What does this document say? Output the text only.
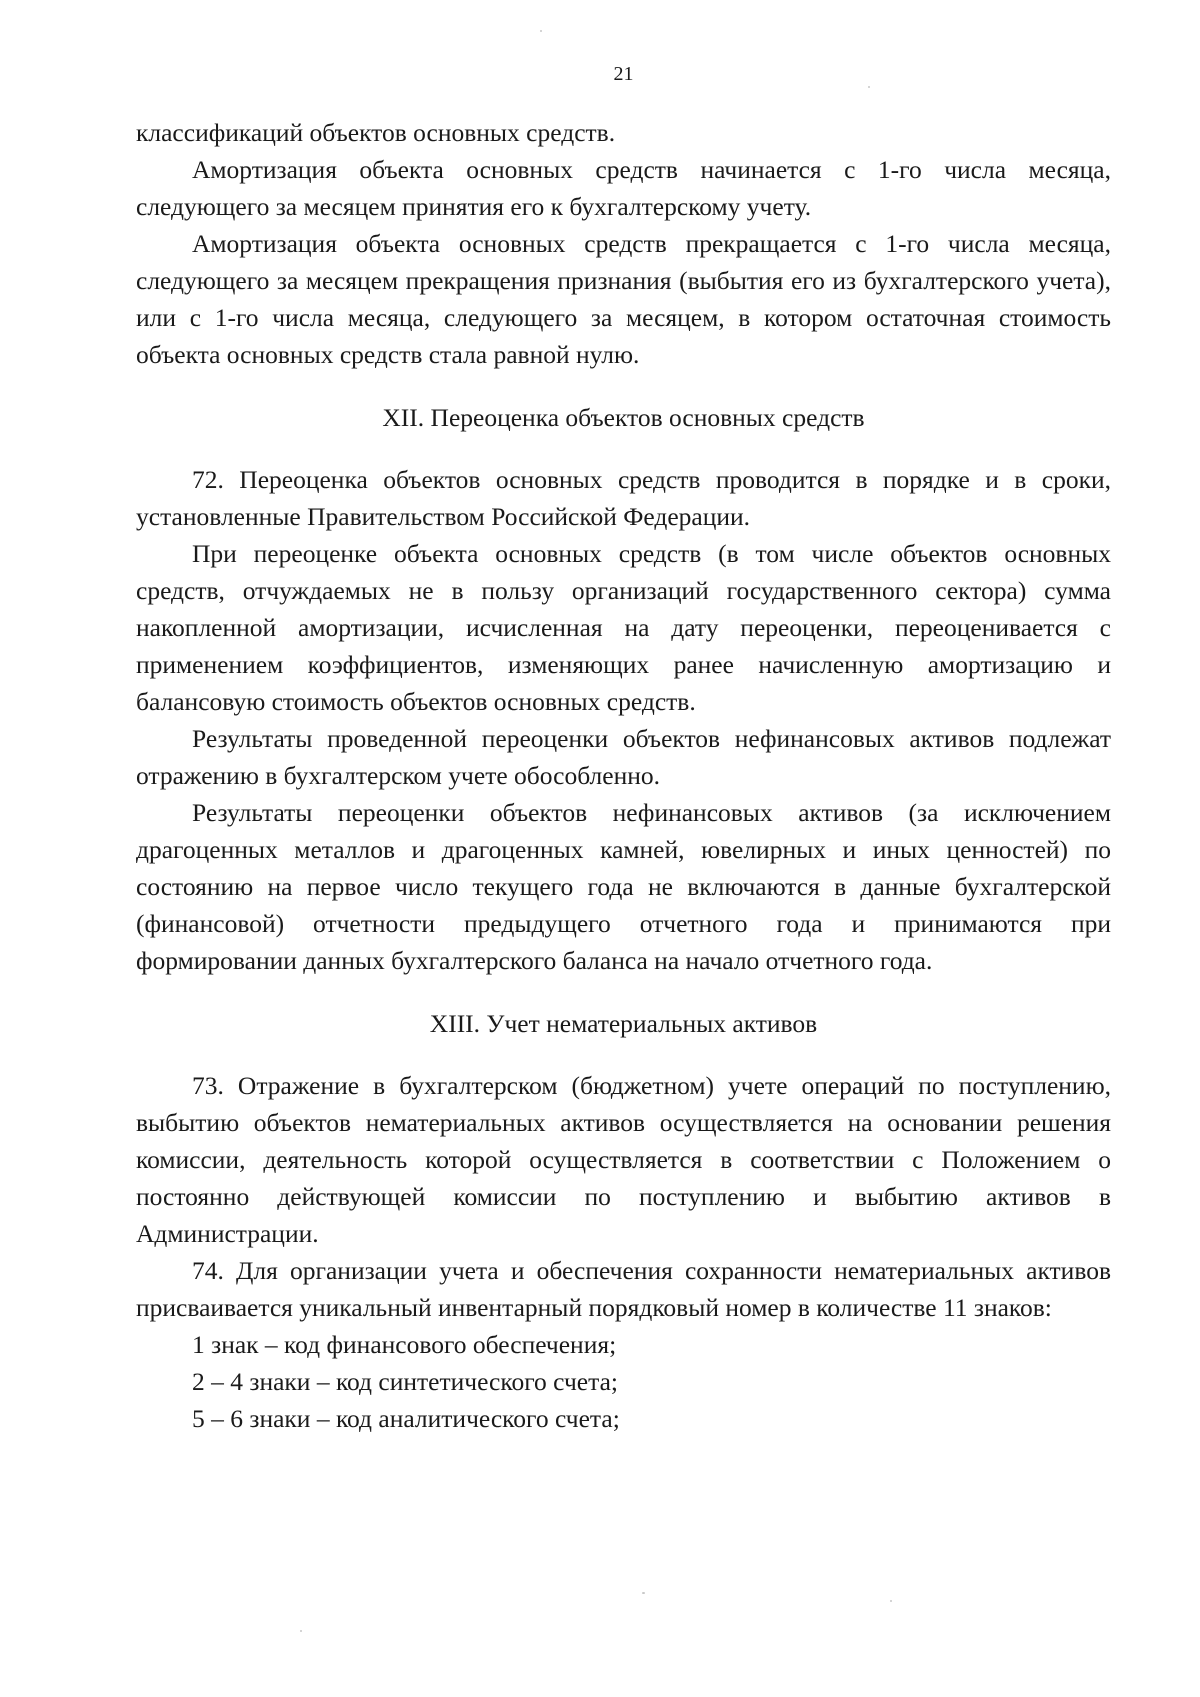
21

классификаций объектов основных средств.

Амортизация объекта основных средств начинается с 1-го числа месяца, следующего за месяцем принятия его к бухгалтерскому учету.

Амортизация объекта основных средств прекращается с 1-го числа месяца, следующего за месяцем прекращения признания (выбытия его из бухгалтерского учета), или с 1-го числа месяца, следующего за месяцем, в котором остаточная стоимость объекта основных средств стала равной нулю.

XII. Переоценка объектов основных средств

72. Переоценка объектов основных средств проводится в порядке и в сроки, установленные Правительством Российской Федерации.

При переоценке объекта основных средств (в том числе объектов основных средств, отчуждаемых не в пользу организаций государственного сектора) сумма накопленной амортизации, исчисленная на дату переоценки, переоценивается с применением коэффициентов, изменяющих ранее начисленную амортизацию и балансовую стоимость объектов основных средств.

Результаты проведенной переоценки объектов нефинансовых активов подлежат отражению в бухгалтерском учете обособленно.

Результаты переоценки объектов нефинансовых активов (за исключением драгоценных металлов и драгоценных камней, ювелирных и иных ценностей) по состоянию на первое число текущего года не включаются в данные бухгалтерской (финансовой) отчетности предыдущего отчетного года и принимаются при формировании данных бухгалтерского баланса на начало отчетного года.

XIII. Учет нематериальных активов

73. Отражение в бухгалтерском (бюджетном) учете операций по поступлению, выбытию объектов нематериальных активов осуществляется на основании решения комиссии, деятельность которой осуществляется в соответствии с Положением о постоянно действующей комиссии по поступлению и выбытию активов в Администрации.

74. Для организации учета и обеспечения сохранности нематериальных активов присваивается уникальный инвентарный порядковый номер в количестве 11 знаков:

1 знак – код финансового обеспечения;

2 – 4 знаки – код синтетического счета;

5 – 6 знаки – код аналитического счета;
